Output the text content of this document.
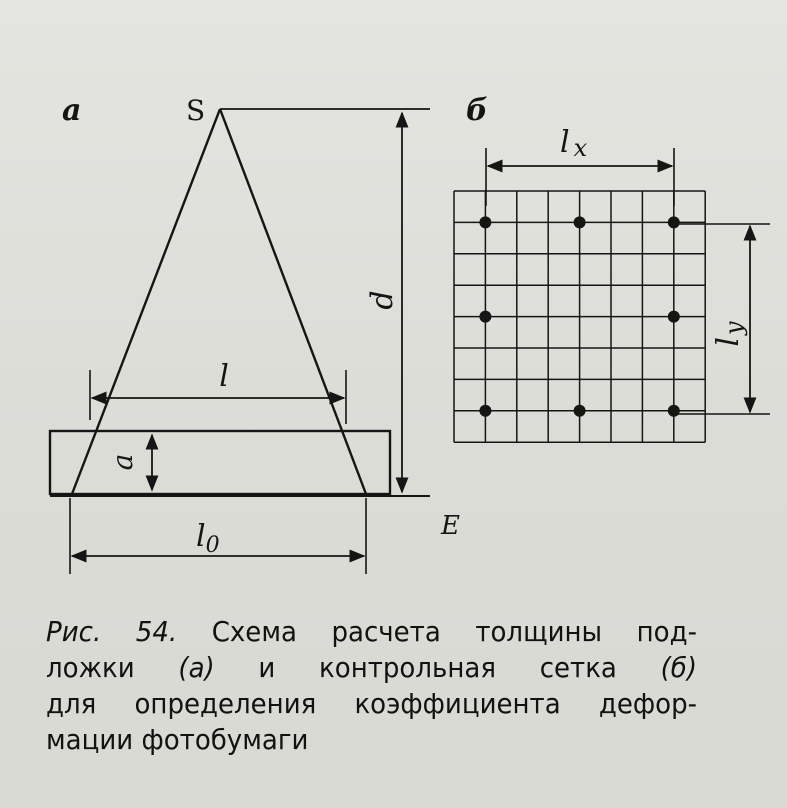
а	S
E
d
l
a
$l_0$
б
l x
ly
Рис. 54. Схема расчета толщины под-
ложки (а) и контрольная сетка (б)
для определения коэффициента дефор-
мации фотобумаги
